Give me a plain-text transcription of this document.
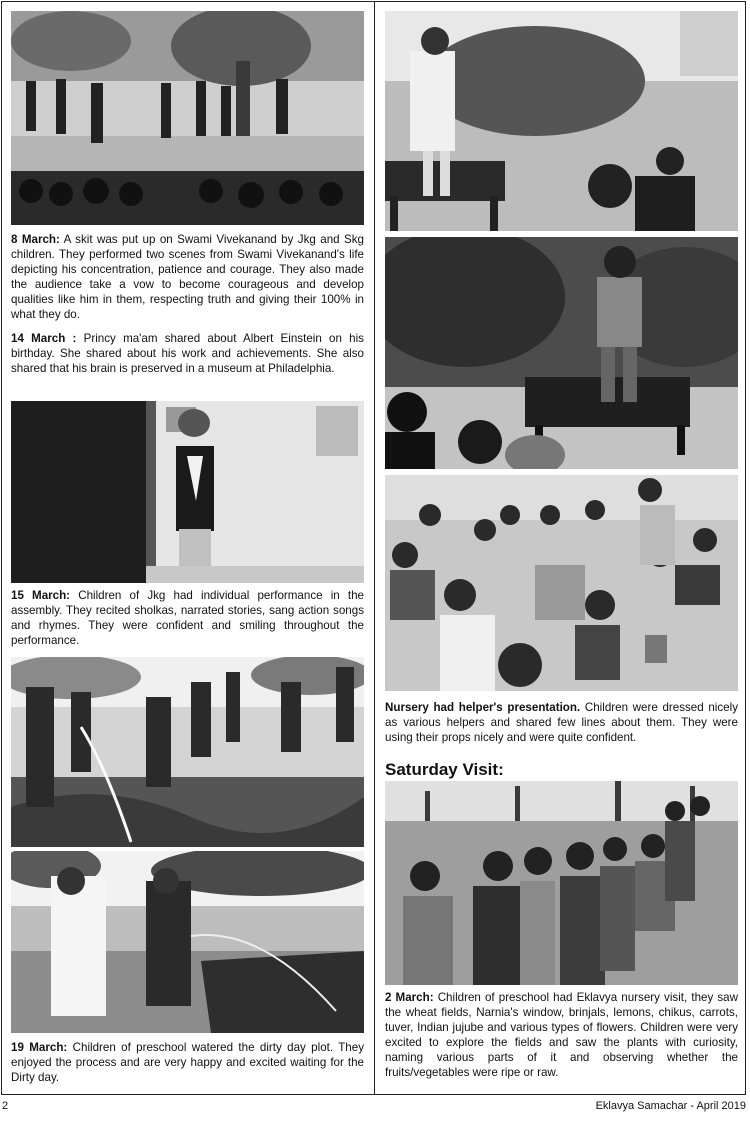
8 March: A skit was put up on Swami Vivekanand by Jkg and Skg children. They performed two scenes from Swami Vivekanand's life depicting his concentration, patience and courage. They also made the audience take a vow to become courageous and develop qualities like him in them, respecting truth and giving their 100% in what they do.

14 March : Princy ma'am shared about Albert Einstein on his birthday. She shared about his work and achievements. She also shared that his brain is preserved in a museum at Philadelphia.

15 March: Children of Jkg had individual performance in the assembly. They recited sholkas, narrated stories, sang action songs and rhymes. They were confident and smiling throughout the performance.

19 March: Children of preschool watered the dirty day plot. They enjoyed the process and are very happy and excited waiting for the Dirty day.

Nursery had helper's presentation. Children were dressed nicely as various helpers and shared few lines about them. They were using their props nicely and were quite confident.

Saturday Visit:

2 March: Children of preschool had Eklavya nursery visit, they saw the wheat fields, Narnia's window, brinjals, lemons, chikus, carrots, tuver, Indian jujube and various types of flowers. Children were very excited to explore the fields and saw the plants with curiosity, naming various parts of it and observing whether the fruits/vegetables were ripe or raw.

2	Eklavya Samachar - April 2019
